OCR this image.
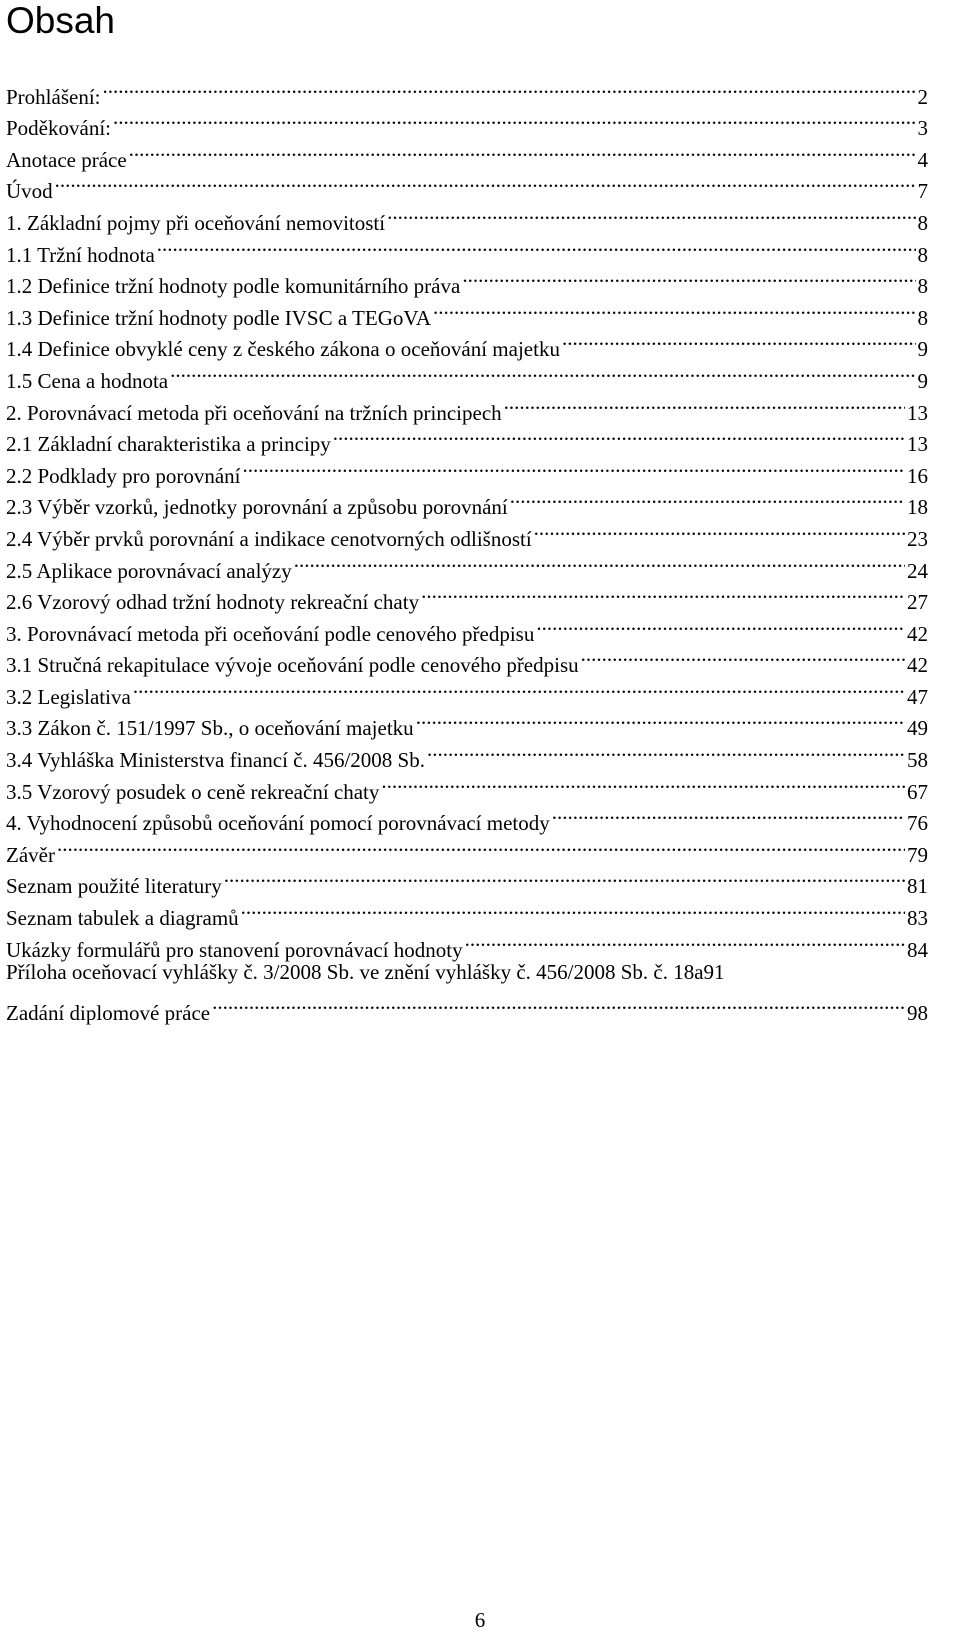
Obsah
Prohlášení: .....	2
Poděkování: .....	3
Anotace práce .....	4
Úvod .....	7
1. Základní pojmy při oceňování nemovitostí .....	8
1.1 Tržní hodnota .....	8
1.2 Definice tržní hodnoty podle komunitárního práva .....	8
1.3 Definice tržní hodnoty podle IVSC a TEGoVA .....	8
1.4 Definice obvyklé ceny z českého zákona o oceňování majetku .....	9
1.5 Cena a hodnota .....	9
2. Porovnávací metoda při oceňování na tržních principech .....	13
2.1 Základní charakteristika a principy .....	13
2.2 Podklady pro porovnání .....	16
2.3 Výběr vzorků, jednotky porovnání a způsobu porovnání .....	18
2.4 Výběr prvků porovnání a indikace cenotvorných odlišností .....	23
2.5 Aplikace porovnávací analýzy .....	24
2.6 Vzorový odhad tržní hodnoty rekreační chaty .....	27
3. Porovnávací metoda při oceňování podle cenového předpisu .....	42
3.1 Stručná rekapitulace vývoje oceňování podle cenového předpisu .....	42
3.2 Legislativa .....	47
3.3 Zákon č. 151/1997 Sb., o oceňování majetku .....	49
3.4 Vyhláška Ministerstva financí č. 456/2008 Sb. .....	58
3.5 Vzorový posudek o ceně rekreační chaty .....	67
4. Vyhodnocení způsobů oceňování pomocí porovnávací metody .....	76
Závěr .....	79
Seznam použité literatury .....	81
Seznam tabulek a diagramů .....	83
Ukázky formulářů pro stanovení porovnávací hodnoty .....	84
Příloha oceňovací vyhlášky č. 3/2008 Sb. ve znění vyhlášky č. 456/2008 Sb. č. 18a 91
Zadání diplomové práce .....	98
6
